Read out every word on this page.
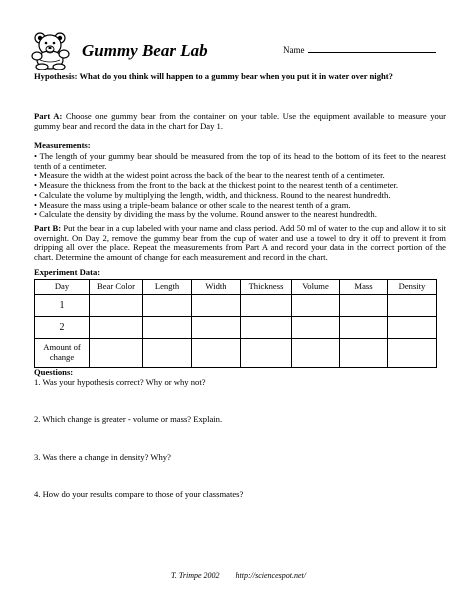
Gummy Bear Lab	Name
Hypothesis: What do you think will happen to a gummy bear when you put it in water over night?
Part A: Choose one gummy bear from the container on your table. Use the equipment available to measure your gummy bear and record the data in the chart for Day 1.
Measurements:
• The length of your gummy bear should be measured from the top of its head to the bottom of its feet to the nearest tenth of a centimeter.
• Measure the width at the widest point across the back of the bear to the nearest tenth of a centimeter.
• Measure the thickness from the front to the back at the thickest point to the nearest tenth of a centimeter.
• Calculate the volume by multiplying the length, width, and thickness. Round to the nearest hundredth.
• Measure the mass using a triple-beam balance or other scale to the nearest tenth of a gram.
• Calculate the density by dividing the mass by the volume. Round answer to the nearest hundredth.
Part B: Put the bear in a cup labeled with your name and class period. Add 50 ml of water to the cup and allow it to sit overnight. On Day 2, remove the gummy bear from the cup of water and use a towel to dry it off to prevent it from dripping all over the place. Repeat the measurements from Part A and record your data in the correct portion of the chart. Determine the amount of change for each measurement and record in the chart.
Experiment Data:
Day	Bear Color	Length	Width	Thickness	Volume	Mass	Density
1							
2							
Amount of
change							
Questions:
1. Was your hypothesis correct? Why or why not?
2. Which change is greater - volume or mass? Explain.
3. Was there a change in density? Why?
4. How do your results compare to those of your classmates?
T. Trimpe 2002 http://sciencespot.net/
